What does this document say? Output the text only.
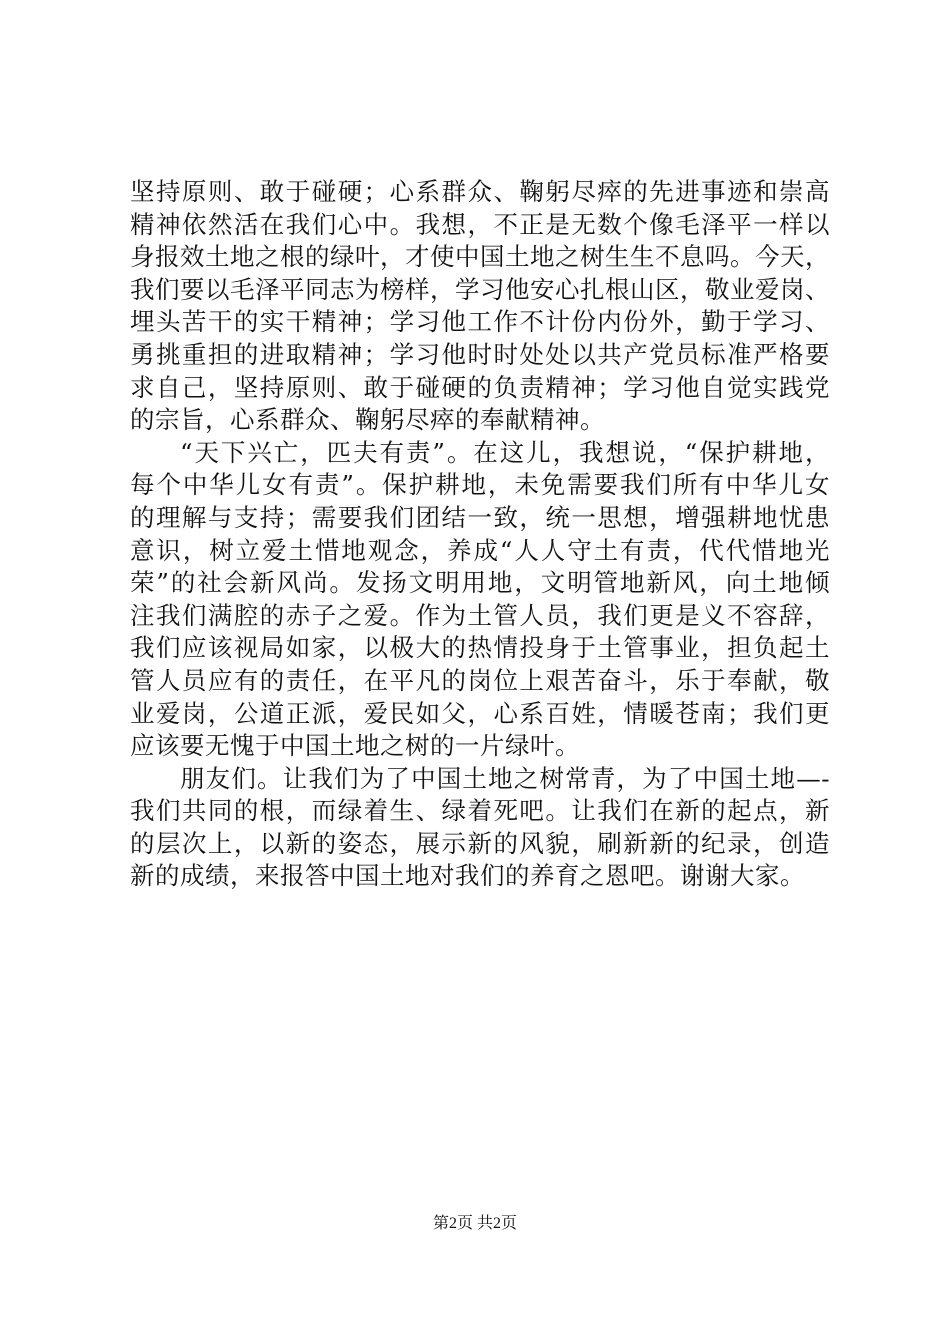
坚持原则、敢于碰硬；心系群众、鞠躬尽瘁的先进事迹和崇高
精神依然活在我们心中。我想，不正是无数个像毛泽平一样以
身报效土地之根的绿叶，才使中国土地之树生生不息吗。今天，
我们要以毛泽平同志为榜样，学习他安心扎根山区，敬业爱岗、
埋头苦干的实干精神；学习他工作不计份内份外，勤于学习、
勇挑重担的进取精神；学习他时时处处以共产党员标准严格要
求自己，坚持原则、敢于碰硬的负责精神；学习他自觉实践党
的宗旨，心系群众、鞠躬尽瘁的奉献精神。
“天下兴亡，匹夫有责”。在这儿，我想说，“保护耕地，
每个中华儿女有责”。保护耕地，未免需要我们所有中华儿女
的理解与支持；需要我们团结一致，统一思想，增强耕地忧患
意识，树立爱土惜地观念，养成“人人守土有责，代代惜地光
荣”的社会新风尚。发扬文明用地，文明管地新风，向土地倾
注我们满腔的赤子之爱。作为土管人员，我们更是义不容辞，
我们应该视局如家，以极大的热情投身于土管事业，担负起土
管人员应有的责任，在平凡的岗位上艰苦奋斗，乐于奉献，敬
业爱岗，公道正派，爱民如父，心系百姓，情暖苍南；我们更
应该要无愧于中国土地之树的一片绿叶。
朋友们。让我们为了中国土地之树常青，为了中国土地—-
我们共同的根，而绿着生、绿着死吧。让我们在新的起点，新
的层次上，以新的姿态，展示新的风貌，刷新新的纪录，创造
新的成绩，来报答中国土地对我们的养育之恩吧。谢谢大家。
第2页 共2页
